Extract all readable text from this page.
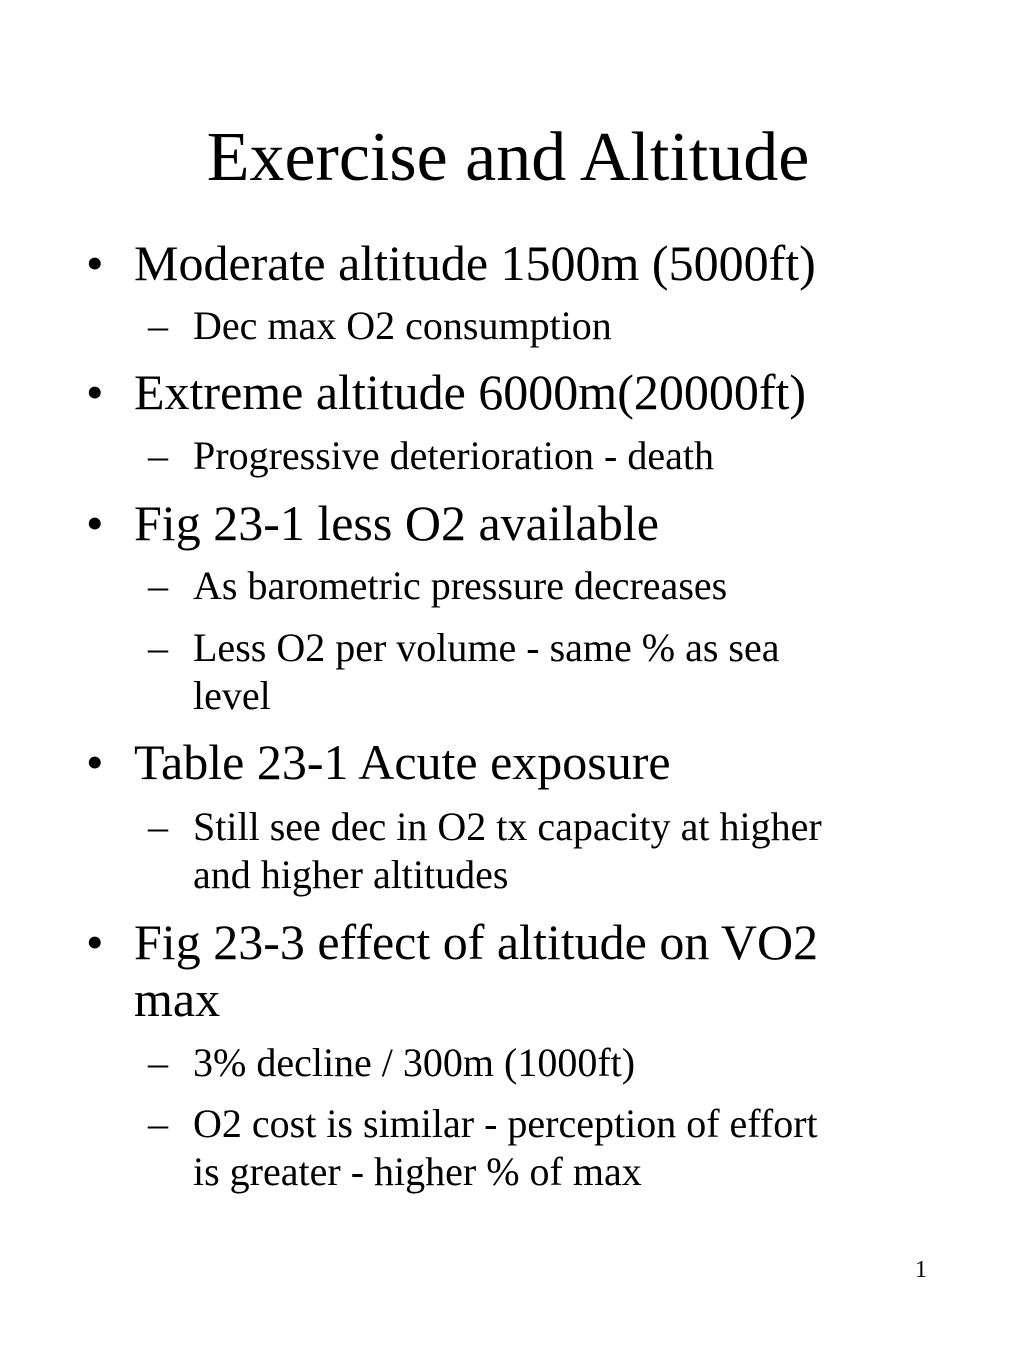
Exercise and Altitude
• Moderate altitude 1500m (5000ft)
– Dec max O2 consumption
• Extreme altitude 6000m(20000ft)
– Progressive deterioration - death
• Fig 23-1 less O2 available
– As barometric pressure decreases
– Less O2 per volume - same % as sea
level
• Table 23-1 Acute exposure
– Still see dec in O2 tx capacity at higher
and higher altitudes
• Fig 23-3 effect of altitude on VO2
max
– 3% decline / 300m (1000ft)
– O2 cost is similar - perception of effort
is greater - higher % of max
1
